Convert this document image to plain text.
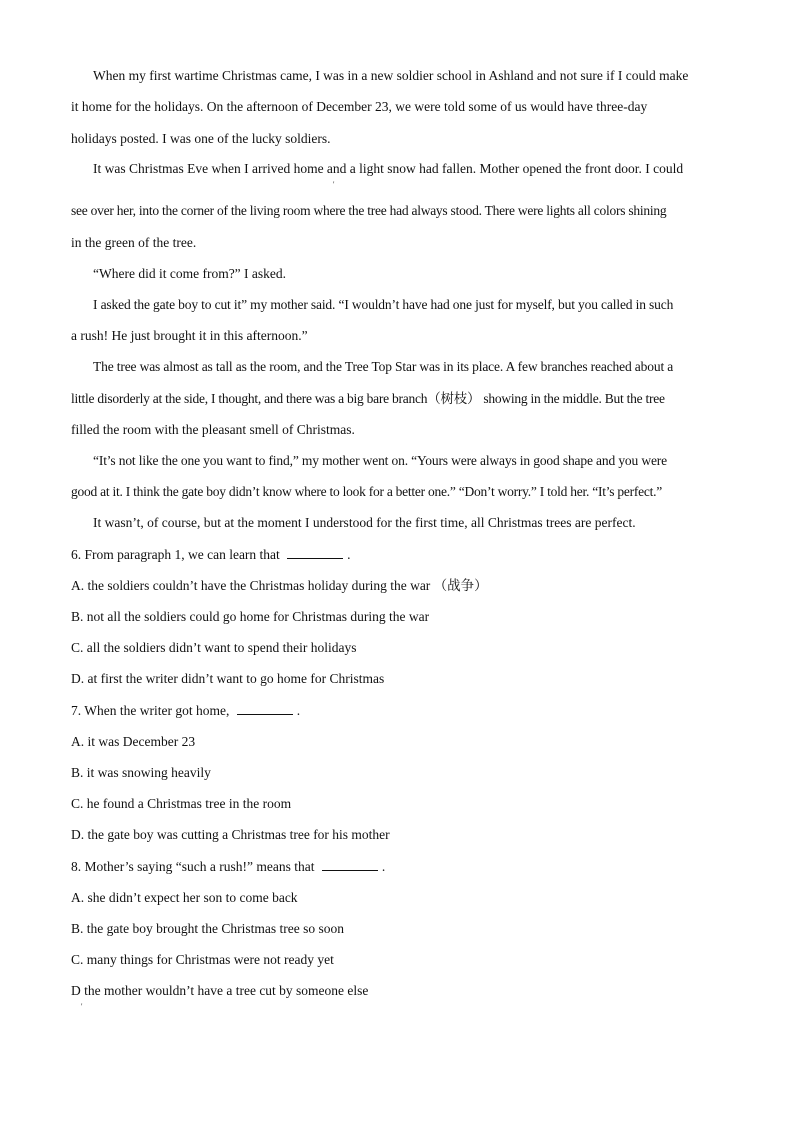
When my first wartime Christmas came, I was in a new soldier school in Ashland and not sure if I could make
it home for the holidays. On the afternoon of December 23, we were told some of us would have three-day
holidays posted. I was one of the lucky soldiers.
It was Christmas Eve when I arrived home and a light snow had fallen. Mother opened the front door. I could
'
see over her, into the corner of the living room where the tree had always stood. There were lights all colors shining
in the green of the tree.
“Where did it come from?” I asked.
I asked the gate boy to cut it” my mother said. “I wouldn’t have had one just for myself, but you called in such
a rush! He just brought it in this afternoon.”
The tree was almost as tall as the room, and the Tree Top Star was in its place. A few branches reached about a
little disorderly at the side, I thought, and there was a big bare branch（树枝） showing in the middle. But the tree
filled the room with the pleasant smell of Christmas.
“It’s not like the one you want to find,” my mother went on. “Yours were always in good shape and you were
good at it. I think the gate boy didn’t know where to look for a better one.” “Don’t worry.” I told her. “It’s perfect.”
It wasn’t, of course, but at the moment I understood for the first time, all Christmas trees are perfect.
6. From paragraph 1, we can learn that	.
A. the soldiers couldn’t have the Christmas holiday during the war （战争）
B. not all the soldiers could go home for Christmas during the war
C. all the soldiers didn’t want to spend their holidays
D. at first the writer didn’t want to go home for Christmas
7. When the writer got home,	.
A. it was December 23
B. it was snowing heavily
C. he found a Christmas tree in the room
D. the gate boy was cutting a Christmas tree for his mother
8. Mother’s saying “such a rush!” means that	.
A. she didn’t expect her son to come back
B. the gate boy brought the Christmas tree so soon
C. many things for Christmas were not ready yet
D the mother wouldn’t have a tree cut by someone else
'
